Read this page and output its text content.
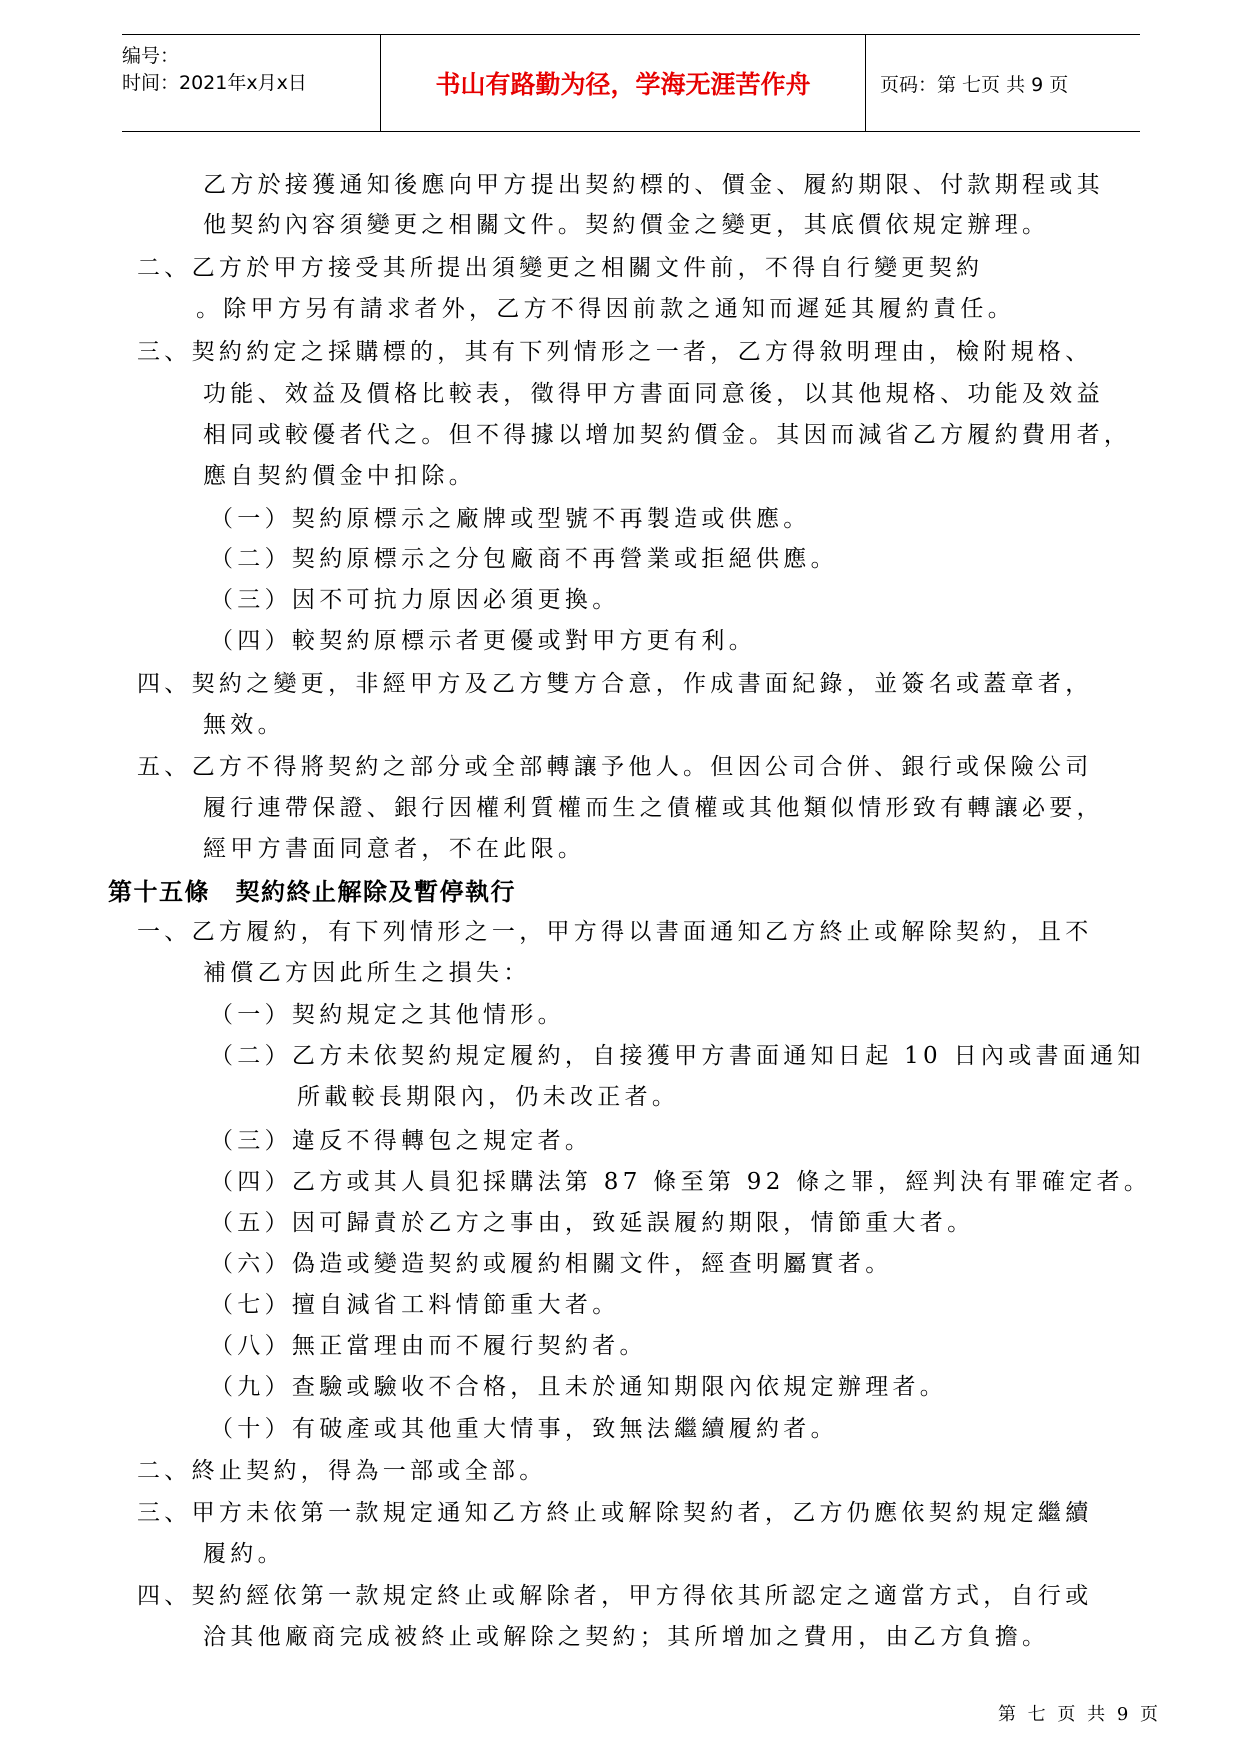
编号：
时间：2021年x月x日	书山有路勤为径，学海无涯苦作舟	页码：第 七页 共 9 页
乙方於接獲通知後應向甲方提出契約標的、價金、履約期限、付款期程或其
他契約內容須變更之相關文件。契約價金之變更，其底價依規定辦理。
二、乙方於甲方接受其所提出須變更之相關文件前，不得自行變更契約
。除甲方另有請求者外，乙方不得因前款之通知而遲延其履約責任。
三、契約約定之採購標的，其有下列情形之一者，乙方得敘明理由，檢附規格、
功能、效益及價格比較表，徵得甲方書面同意後，以其他規格、功能及效益
相同或較優者代之。但不得據以增加契約價金。其因而減省乙方履約費用者，
應自契約價金中扣除。
（一）契約原標示之廠牌或型號不再製造或供應。
（二）契約原標示之分包廠商不再營業或拒絕供應。
（三）因不可抗力原因必須更換。
（四）較契約原標示者更優或對甲方更有利。
四、契約之變更，非經甲方及乙方雙方合意，作成書面紀錄，並簽名或蓋章者，
無效。
五、乙方不得將契約之部分或全部轉讓予他人。但因公司合併、銀行或保險公司
履行連帶保證、銀行因權利質權而生之債權或其他類似情形致有轉讓必要，
經甲方書面同意者，不在此限。
第十五條　契約終止解除及暫停執行
一、乙方履約，有下列情形之一，甲方得以書面通知乙方終止或解除契約，且不
補償乙方因此所生之損失：
（一）契約規定之其他情形。
（二）乙方未依契約規定履約，自接獲甲方書面通知日起 10 日內或書面通知
所載較長期限內，仍未改正者。
（三）違反不得轉包之規定者。
（四）乙方或其人員犯採購法第 87 條至第 92 條之罪，經判決有罪確定者。
（五）因可歸責於乙方之事由，致延誤履約期限，情節重大者。
（六）偽造或變造契約或履約相關文件，經查明屬實者。
（七）擅自減省工料情節重大者。
（八）無正當理由而不履行契約者。
（九）查驗或驗收不合格，且未於通知期限內依規定辦理者。
（十）有破產或其他重大情事，致無法繼續履約者。
二、終止契約，得為一部或全部。
三、甲方未依第一款規定通知乙方終止或解除契約者，乙方仍應依契約規定繼續
履約。
四、契約經依第一款規定終止或解除者，甲方得依其所認定之適當方式，自行或
洽其他廠商完成被終止或解除之契約；其所增加之費用，由乙方負擔。
第 七 页 共 9 页
